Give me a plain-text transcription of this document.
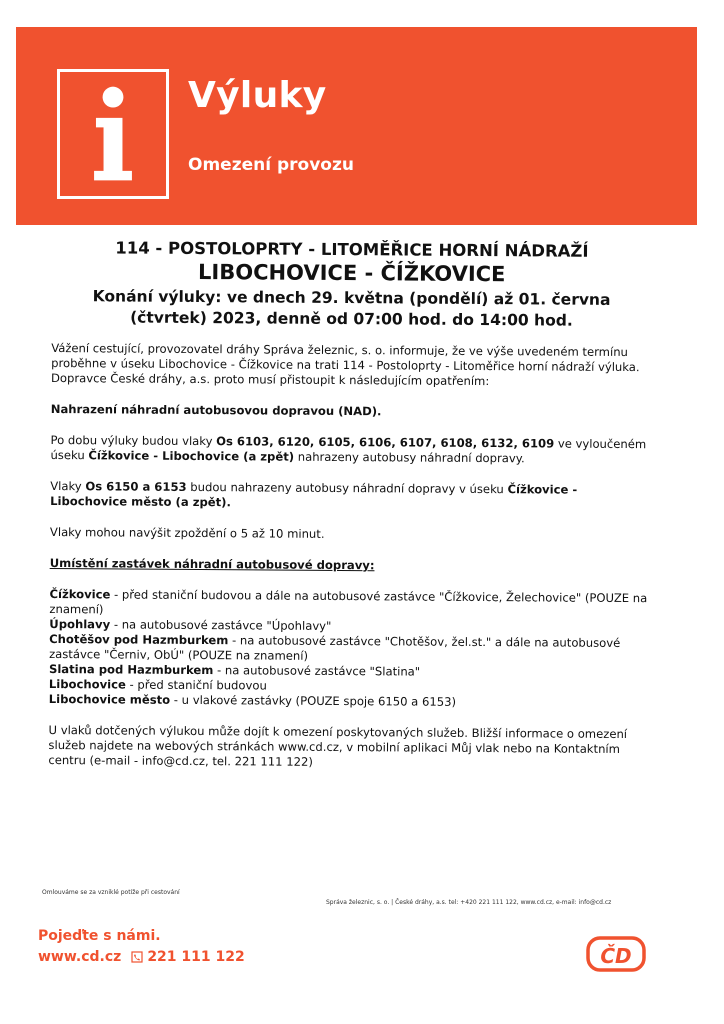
Výluky
Omezení provozu

114 - POSTOLOPRTY - LITOMĚŘICE HORNÍ NÁDRAŽÍ

LIBOCHOVICE - ČÍŽKOVICE

Konání výluky: ve dnech 29. května (pondělí) až 01. června
(čtvrtek) 2023, denně od 07:00 hod. do 14:00 hod.

Vážení cestující, provozovatel dráhy Správa železnic, s. o. informuje, že ve výše uvedeném termínu proběhne v úseku Libochovice - Čížkovice na trati 114 - Postoloprty - Litoměřice horní nádraží výluka. Dopravce České dráhy, a.s. proto musí přistoupit k následujícím opatřením:

Nahrazení náhradní autobusovou dopravou (NAD).

Po dobu výluky budou vlaky Os 6103, 6120, 6105, 6106, 6107, 6108, 6132, 6109 ve vyloučeném úseku Čížkovice - Libochovice (a zpět) nahrazeny autobusy náhradní dopravy.

Vlaky Os 6150 a 6153 budou nahrazeny autobusy náhradní dopravy v úseku Čížkovice - Libochovice město (a zpět).

Vlaky mohou navýšit zpoždění o 5 až 10 minut.

Umístění zastávek náhradní autobusové dopravy:

Čížkovice - před staniční budovou a dále na autobusové zastávce "Čížkovice, Želechovice" (POUZE na znamení)

Úpohlavy - na autobusové zastávce "Úpohlavy"

Chotěšov pod Hazmburkem - na autobusové zastávce "Chotěšov, žel.st." a dále na autobusové zastávce "Černiv, ObÚ" (POUZE na znamení)

Slatina pod Hazmburkem - na autobusové zastávce "Slatina"

Libochovice - před staniční budovou

Libochovice město - u vlakové zastávky (POUZE spoje 6150 a 6153)

U vlaků dotčených výlukou může dojít k omezení poskytovaných služeb. Bližší informace o omezení služeb najdete na webových stránkách www.cd.cz, v mobilní aplikaci Můj vlak nebo na Kontaktním centru (e-mail - info@cd.cz, tel. 221 111 122)

Omlouváme se za vzniklé potíže při cestování
Správa železnic, s. o. | České dráhy, a.s. tel: +420 221 111 122, www.cd.cz, e-mail: info@cd.cz
Pojeďte s námi.
www.cd.cz 221 111 122	ČD
